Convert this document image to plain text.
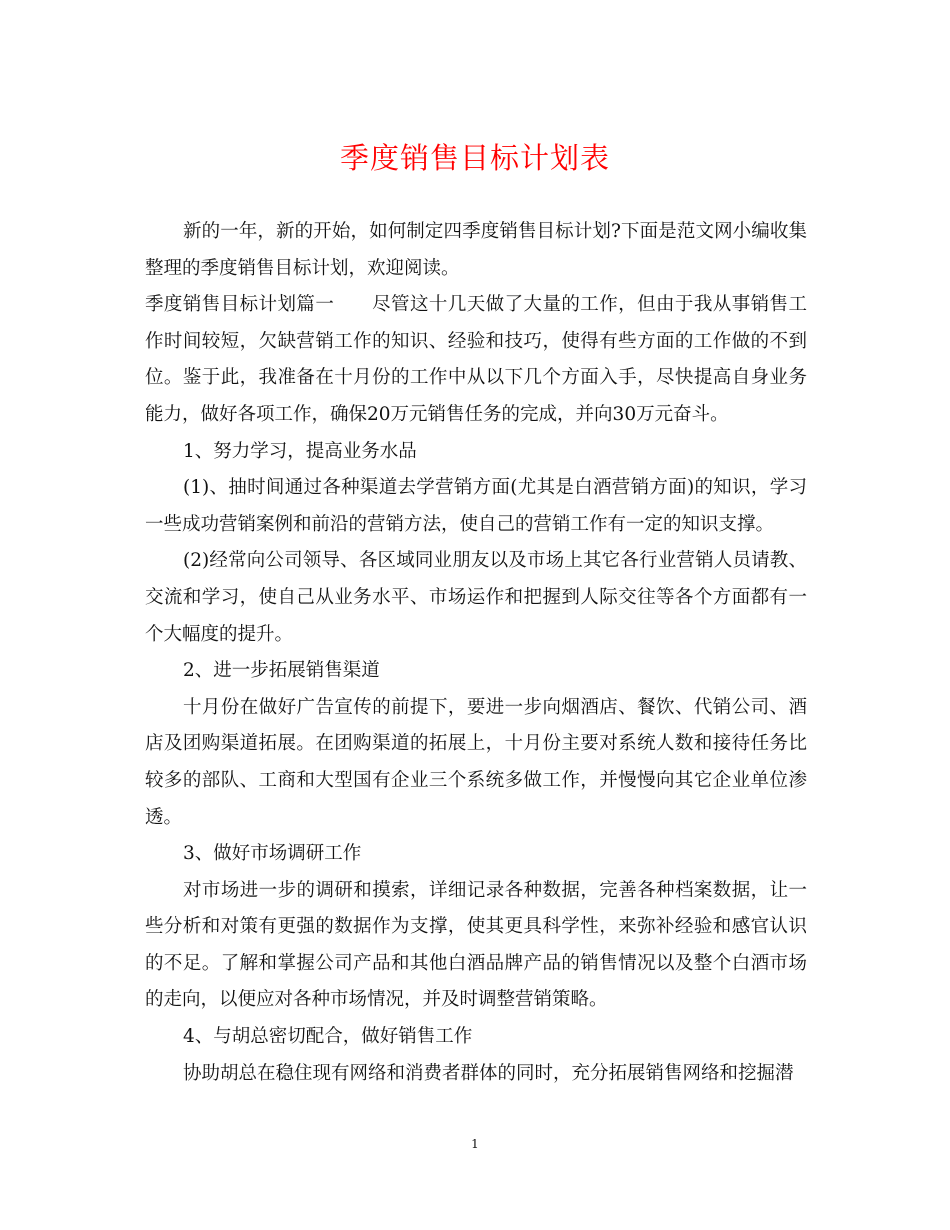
季度销售目标计划表

新的一年，新的开始，如何制定四季度销售目标计划?下面是范文网小编收集整理的季度销售目标计划，欢迎阅读。

季度销售目标计划篇一　　尽管这十几天做了大量的工作，但由于我从事销售工作时间较短，欠缺营销工作的知识、经验和技巧，使得有些方面的工作做的不到位。鉴于此，我准备在十月份的工作中从以下几个方面入手，尽快提高自身业务能力，做好各项工作，确保20万元销售任务的完成，并向30万元奋斗。

1、努力学习，提高业务水品

(1)、抽时间通过各种渠道去学营销方面(尤其是白酒营销方面)的知识，学习一些成功营销案例和前沿的营销方法，使自己的营销工作有一定的知识支撑。

(2)经常向公司领导、各区域同业朋友以及市场上其它各行业营销人员请教、交流和学习，使自己从业务水平、市场运作和把握到人际交往等各个方面都有一个大幅度的提升。

2、进一步拓展销售渠道

十月份在做好广告宣传的前提下，要进一步向烟酒店、餐饮、代销公司、酒店及团购渠道拓展。在团购渠道的拓展上，十月份主要对系统人数和接待任务比较多的部队、工商和大型国有企业三个系统多做工作，并慢慢向其它企业单位渗透。

3、做好市场调研工作

对市场进一步的调研和摸索，详细记录各种数据，完善各种档案数据，让一些分析和对策有更强的数据作为支撑，使其更具科学性，来弥补经验和感官认识的不足。了解和掌握公司产品和其他白酒品牌产品的销售情况以及整个白酒市场的走向，以便应对各种市场情况，并及时调整营销策略。

4、与胡总密切配合，做好销售工作

协助胡总在稳住现有网络和消费者群体的同时，充分拓展销售网络和挖掘潜

1
